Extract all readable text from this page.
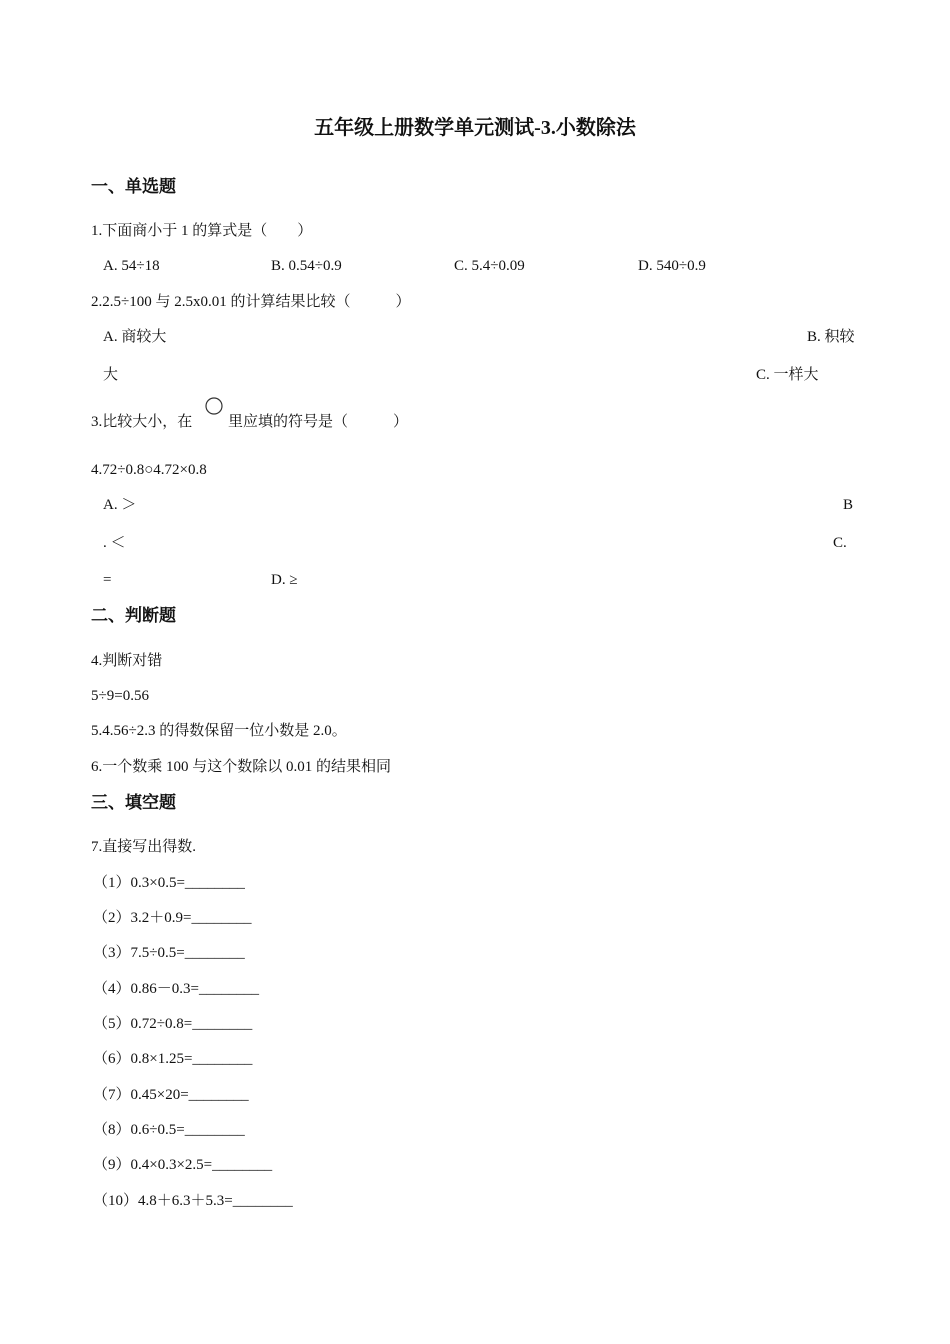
五年级上册数学单元测试-3.小数除法
一、单选题
1.下面商小于 1 的算式是（　　）
A. 54÷18	B. 0.54÷0.9	C. 5.4÷0.09	D. 540÷0.9
2.2.5÷100 与 2.5x0.01 的计算结果比较（　　　）
A. 商较大	B. 积较
大	C. 一样大
3.比较大小，在 里应填的符号是（　　　）
4.72÷0.8○4.72×0.8
A. ＞	B
. ＜	C.
=	D. ≥
二、判断题
4.判断对错
5÷9=0.56
5.4.56÷2.3 的得数保留一位小数是 2.0。
6.一个数乘 100 与这个数除以 0.01 的结果相同
三、填空题
7.直接写出得数.
（1）0.3×0.5=________
（2）3.2＋0.9=________
（3）7.5÷0.5=________
（4）0.86－0.3=________
（5）0.72÷0.8=________
（6）0.8×1.25=________
（7）0.45×20=________
（8）0.6÷0.5=________
（9）0.4×0.3×2.5=________
（10）4.8＋6.3＋5.3=________
